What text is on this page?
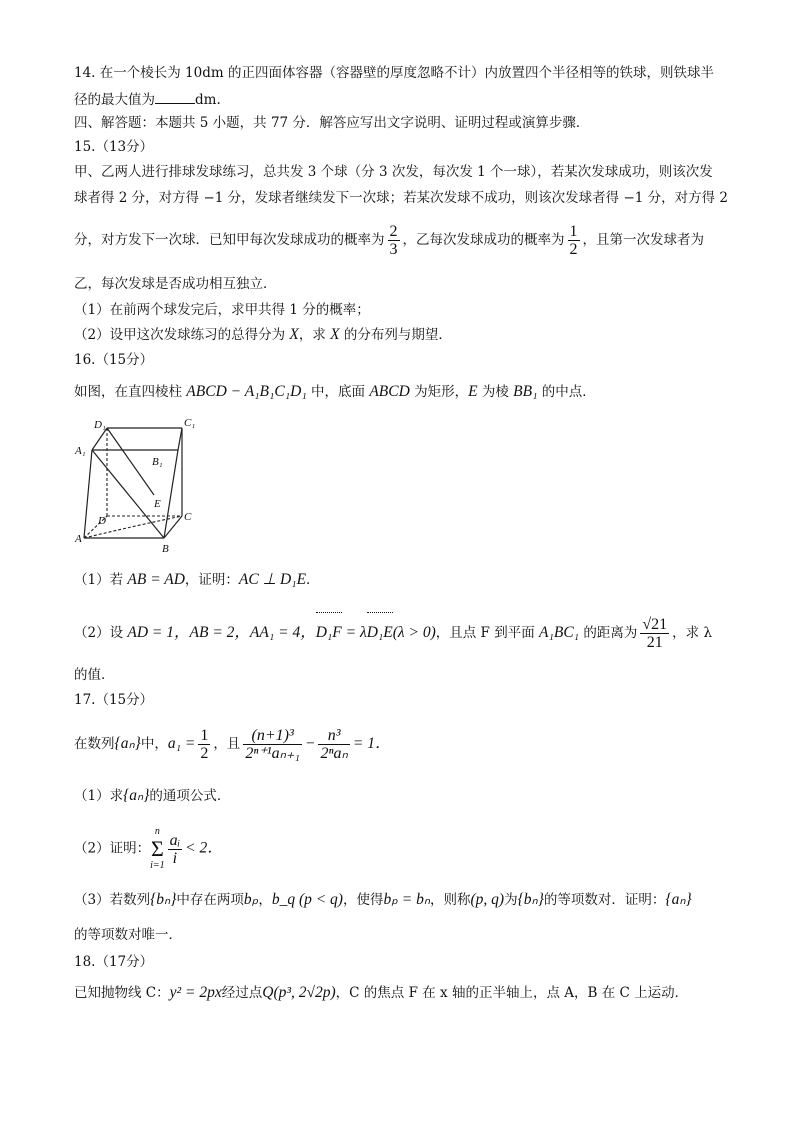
14. 在一个棱长为 10dm 的正四面体容器（容器壁的厚度忽略不计）内放置四个半径相等的铁球，则铁球半
径的最大值为	dm.
四、解答题：本题共 5 小题，共 77 分．解答应写出文字说明、证明过程或演算步骤．
15.（13分）
甲、乙两人进行排球发球练习，总共发 3 个球（分 3 次发，每次发 1 个一球），若某次发球成功，则该次发
球者得 2 分，对方得 −1 分，发球者继续发下一次球；若某次发球不成功，则该次发球者得 −1 分，对方得 2
分，对方发下一次球．已知甲每次发球成功的概率为 $\frac{2}{3}$ ，乙每次发球成功的概率为 $\frac{1}{2}$ ，且第一次发球者为
乙，每次发球是否成功相互独立．
（1）在前两个球发完后，求甲共得 1 分的概率；
（2）设甲这次发球练习的总得分为 X，求 X 的分布列与期望．
16.（15分）
如图，在直四棱柱 ABCD − A₁B₁C₁D₁ 中，底面 ABCD 为矩形，E 为棱 BB₁ 的中点．
D₁	C₁
A₁
B₁
E
D	C
A
B
（1）若 AB = AD，证明：AC ⊥ D₁E．
（2）设 AD = 1，AB = 2，AA₁ = 4，D₁F = λD₁E(λ > 0)，且点 F 到平面 A₁BC₁ 的距离为 $\frac{√21}{21}$ ，求 λ
的值．
17.（15分）
在数列{aₙ}中，$a_1 = \frac{1}{2}$ ，且 $\frac{\text{(n+1)³}}{\text{2ⁿ⁺¹aₙ₊₁}} - \frac{\text{n³}}{\text{2ⁿaₙ}} = 1$．
（1）求{aₙ}的通项公式．
（2）证明：
n
Σ
$i=1 \frac{\text{aᵢ}}{i} < 2$．
（3）若数列{bₙ}中存在两项bₚ，b_q (p < q)，使得bₚ = bₙ，则称(p, q)为{bₙ}的等项数对．证明：{aₙ}
的等项数对唯一．
18.（17分）
已知抛物线 C：y² = 2px经过点Q(p³, 2√2p)，C 的焦点 F 在 x 轴的正半轴上，点 A，B 在 C 上运动．
